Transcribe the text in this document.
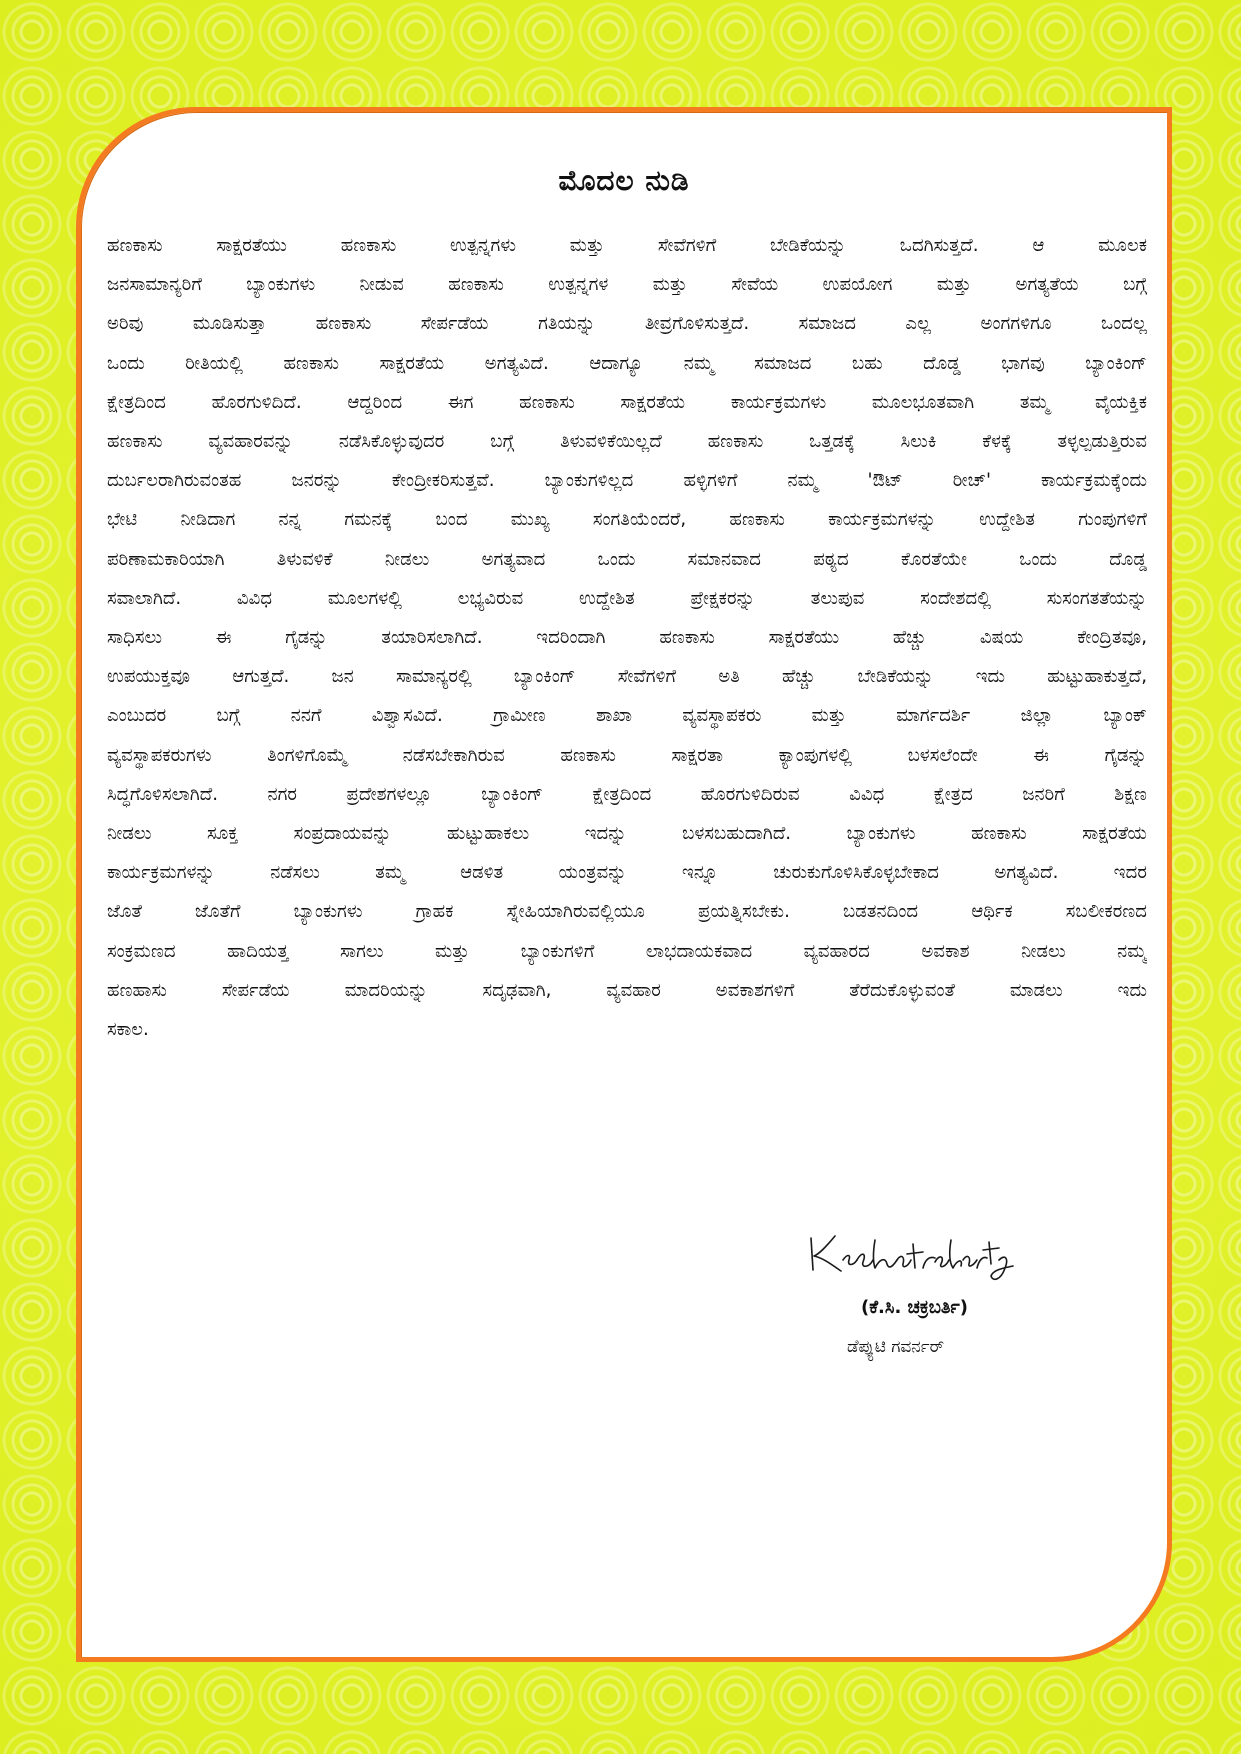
ಮೊದಲ ನುಡಿ
ಹಣಕಾಸು ಸಾಕ್ಷರತೆಯು ಹಣಕಾಸು ಉತ್ಪನ್ನಗಳು ಮತ್ತು ಸೇವೆಗಳಿಗೆ ಬೇಡಿಕೆಯನ್ನು ಒದಗಿಸುತ್ತದೆ. ಆ ಮೂಲಕ
ಜನಸಾಮಾನ್ಯರಿಗೆ ಬ್ಯಾಂಕುಗಳು ನೀಡುವ ಹಣಕಾಸು ಉತ್ಪನ್ನಗಳ ಮತ್ತು ಸೇವೆಯ ಉಪಯೋಗ ಮತ್ತು ಅಗತ್ಯತೆಯ ಬಗ್ಗೆ
ಅರಿವು ಮೂಡಿಸುತ್ತಾ ಹಣಕಾಸು ಸೇರ್ಪಡೆಯ ಗತಿಯನ್ನು ತೀವ್ರಗೊಳಿಸುತ್ತದೆ. ಸಮಾಜದ ಎಲ್ಲ ಅಂಗಗಳಿಗೂ ಒಂದಲ್ಲ
ಒಂದು ರೀತಿಯಲ್ಲಿ ಹಣಕಾಸು ಸಾಕ್ಷರತೆಯ ಅಗತ್ಯವಿದೆ. ಆದಾಗ್ಯೂ ನಮ್ಮ ಸಮಾಜದ ಬಹು ದೊಡ್ಡ ಭಾಗವು ಬ್ಯಾಂಕಿಂಗ್
ಕ್ಷೇತ್ರದಿಂದ ಹೊರಗುಳಿದಿದೆ. ಆದ್ದರಿಂದ ಈಗ ಹಣಕಾಸು ಸಾಕ್ಷರತೆಯ ಕಾರ್ಯಕ್ರಮಗಳು ಮೂಲಭೂತವಾಗಿ ತಮ್ಮ ವೈಯಕ್ತಿಕ
ಹಣಕಾಸು ವ್ಯವಹಾರವನ್ನು ನಡೆಸಿಕೊಳ್ಳುವುದರ ಬಗ್ಗೆ ತಿಳುವಳಿಕೆಯಿಲ್ಲದೆ ಹಣಕಾಸು ಒತ್ತಡಕ್ಕೆ ಸಿಲುಕಿ ಕೆಳಕ್ಕೆ ತಳ್ಳಲ್ಪಡುತ್ತಿರುವ
ದುರ್ಬಲರಾಗಿರುವಂತಹ ಜನರನ್ನು ಕೇಂದ್ರೀಕರಿಸುತ್ತವೆ. ಬ್ಯಾಂಕುಗಳಿಲ್ಲದ ಹಳ್ಳಿಗಳಿಗೆ ನಮ್ಮ 'ಔಟ್ ರೀಚ್' ಕಾರ್ಯಕ್ರಮಕ್ಕೆಂದು
ಭೇಟಿ ನೀಡಿದಾಗ ನನ್ನ ಗಮನಕ್ಕೆ ಬಂದ ಮುಖ್ಯ ಸಂಗತಿಯೆಂದರೆ, ಹಣಕಾಸು ಕಾರ್ಯಕ್ರಮಗಳನ್ನು ಉದ್ದೇಶಿತ ಗುಂಪುಗಳಿಗೆ
ಪರಿಣಾಮಕಾರಿಯಾಗಿ ತಿಳುವಳಿಕೆ ನೀಡಲು ಅಗತ್ಯವಾದ ಒಂದು ಸಮಾನವಾದ ಪಠ್ಯದ ಕೊರತೆಯೇ ಒಂದು ದೊಡ್ಡ
ಸವಾಲಾಗಿದೆ. ವಿವಿಧ ಮೂಲಗಳಲ್ಲಿ ಲಭ್ಯವಿರುವ ಉದ್ದೇಶಿತ ಪ್ರೇಕ್ಷಕರನ್ನು ತಲುಪುವ ಸಂದೇಶದಲ್ಲಿ ಸುಸಂಗತತೆಯನ್ನು
ಸಾಧಿಸಲು ಈ ಗೈಡನ್ನು ತಯಾರಿಸಲಾಗಿದೆ. ಇದರಿಂದಾಗಿ ಹಣಕಾಸು ಸಾಕ್ಷರತೆಯು ಹೆಚ್ಚು ವಿಷಯ ಕೇಂದ್ರಿತವೂ,
ಉಪಯುಕ್ತವೂ ಆಗುತ್ತದೆ. ಜನ ಸಾಮಾನ್ಯರಲ್ಲಿ ಬ್ಯಾಂಕಿಂಗ್ ಸೇವೆಗಳಿಗೆ ಅತಿ ಹೆಚ್ಚು ಬೇಡಿಕೆಯನ್ನು ಇದು ಹುಟ್ಟುಹಾಕುತ್ತದೆ,
ಎಂಬುದರ ಬಗ್ಗೆ ನನಗೆ ವಿಶ್ವಾಸವಿದೆ. ಗ್ರಾಮೀಣ ಶಾಖಾ ವ್ಯವಸ್ಥಾಪಕರು ಮತ್ತು ಮಾರ್ಗದರ್ಶಿ ಜಿಲ್ಲಾ ಬ್ಯಾಂಕ್
ವ್ಯವಸ್ಥಾಪಕರುಗಳು ತಿಂಗಳಿಗೊಮ್ಮೆ ನಡೆಸಬೇಕಾಗಿರುವ ಹಣಕಾಸು ಸಾಕ್ಷರತಾ ಕ್ಯಾಂಪುಗಳಲ್ಲಿ ಬಳಸಲೆಂದೇ ಈ ಗೈಡನ್ನು
ಸಿದ್ಧಗೊಳಿಸಲಾಗಿದೆ. ನಗರ ಪ್ರದೇಶಗಳಲ್ಲೂ ಬ್ಯಾಂಕಿಂಗ್ ಕ್ಷೇತ್ರದಿಂದ ಹೊರಗುಳಿದಿರುವ ವಿವಿಧ ಕ್ಷೇತ್ರದ ಜನರಿಗೆ ಶಿಕ್ಷಣ
ನೀಡಲು ಸೂಕ್ತ ಸಂಪ್ರದಾಯವನ್ನು ಹುಟ್ಟುಹಾಕಲು ಇದನ್ನು ಬಳಸಬಹುದಾಗಿದೆ. ಬ್ಯಾಂಕುಗಳು ಹಣಕಾಸು ಸಾಕ್ಷರತೆಯ
ಕಾರ್ಯಕ್ರಮಗಳನ್ನು ನಡೆಸಲು ತಮ್ಮ ಆಡಳಿತ ಯಂತ್ರವನ್ನು ಇನ್ನೂ ಚುರುಕುಗೊಳಿಸಿಕೊಳ್ಳಬೇಕಾದ ಅಗತ್ಯವಿದೆ. ಇದರ
ಜೊತೆ ಜೊತೆಗೆ ಬ್ಯಾಂಕುಗಳು ಗ್ರಾಹಕ ಸ್ನೇಹಿಯಾಗಿರುವಲ್ಲಿಯೂ ಪ್ರಯತ್ನಿಸಬೇಕು. ಬಡತನದಿಂದ ಆರ್ಥಿಕ ಸಬಲೀಕರಣದ
ಸಂಕ್ರಮಣದ ಹಾದಿಯತ್ತ ಸಾಗಲು ಮತ್ತು ಬ್ಯಾಂಕುಗಳಿಗೆ ಲಾಭದಾಯಕವಾದ ವ್ಯವಹಾರದ ಅವಕಾಶ ನೀಡಲು ನಮ್ಮ
ಹಣಹಾಸು ಸೇರ್ಪಡೆಯ ಮಾದರಿಯನ್ನು ಸದೃಢವಾಗಿ, ವ್ಯವಹಾರ ಅವಕಾಶಗಳಿಗೆ ತೆರೆದುಕೊಳ್ಳುವಂತೆ ಮಾಡಲು ಇದು
ಸಕಾಲ.
(ಕೆ.ಸಿ. ಚಕ್ರಬರ್ತಿ)
ಡೆಪ್ಯುಟಿ ಗವರ್ನರ್
